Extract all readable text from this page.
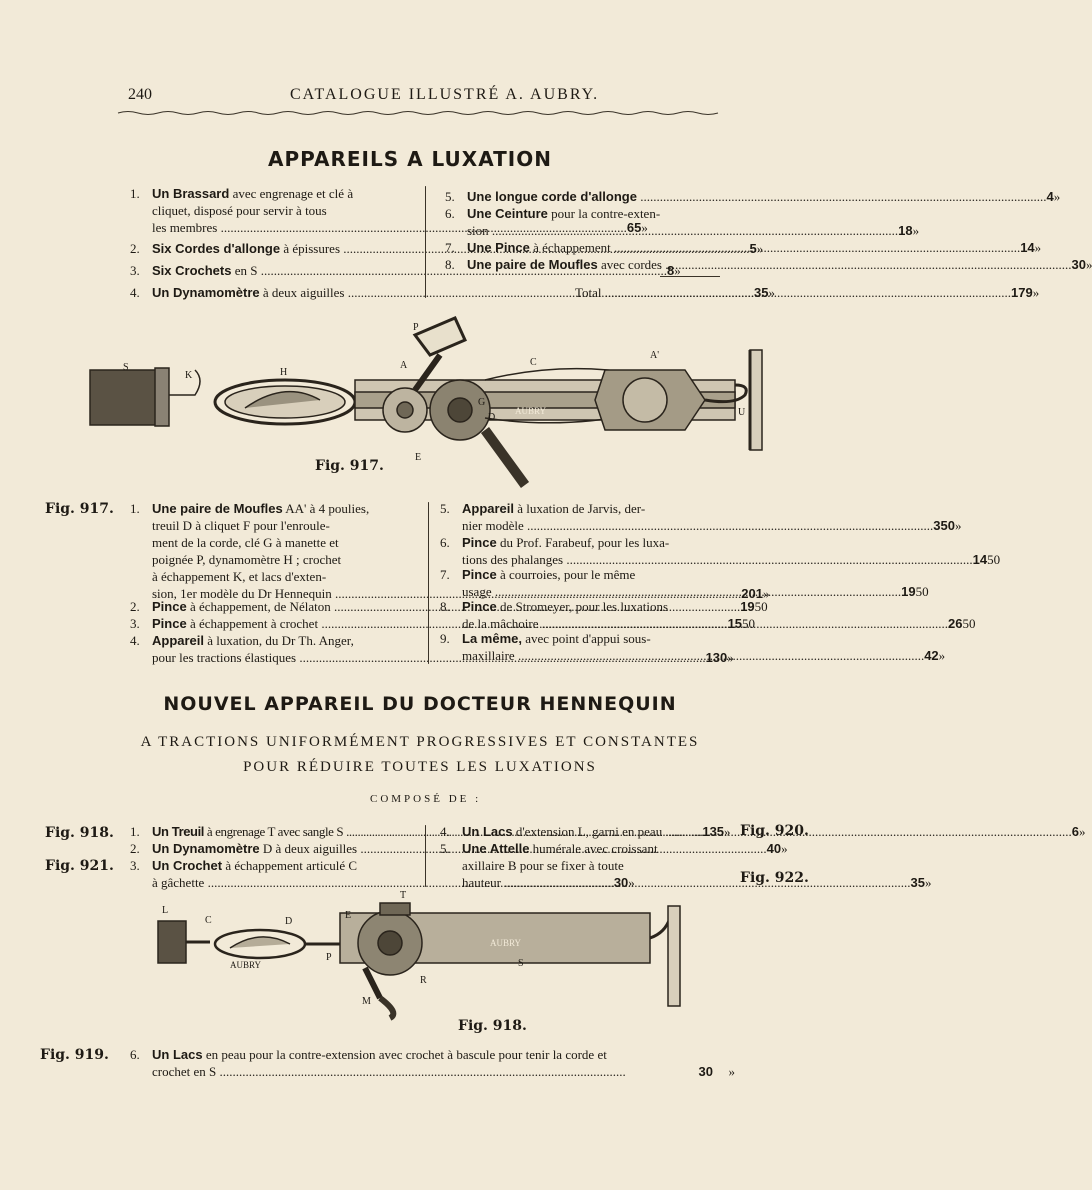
240	CATALOGUE ILLUSTRÉ A. AUBRY.
APPAREILS A LUXATION
1. Un Brassard avec engrenage et clé à
cliquet, disposé pour servir à tous
les membres .....	65 »
2. Six Cordes d'allonge à épissures .....	5 »
3. Six Crochets en S .....	8 »
4. Un Dynamomètre à deux aiguilles .....	35 »
5. Une longue corde d'allonge .....	4 »
6. Une Ceinture pour la contre-exten-
sion .....	18 »
7. Une Pince à échappement .....	14 »
8. Une paire de Moufles avec cordes .....	30 »
Total .....	179 »
P
S
K	H
A	C
A'
G
D
E
U
AUBRY
Fig. 917.
Fig. 917. 1. Une paire de Moufles AA' à 4 poulies,
treuil D à cliquet F pour l'enroule-
ment de la corde, clé G à manette et
poignée P, dynamomètre H ; crochet
à échappement K, et lacs d'exten-
sion, 1er modèle du Dr Hennequin .....	201 »
2. Pince à échappement, de Nélaton .....	19 50
3. Pince à échappement à crochet .....	15 50
4. Appareil à luxation, du Dr Th. Anger,
pour les tractions élastiques .....	130 »
5. Appareil à luxation de Jarvis, der-
nier modèle .....	350 »
6. Pince du Prof. Farabeuf, pour les luxa-
tions des phalanges .....	14 50
7. Pince à courroies, pour le même
usage .....	19 50
8. Pince de Stromeyer, pour les luxations
de la mâchoire .....	26 50
9. La même, avec point d'appui sous-
maxillaire .....	42 »
NOUVEL APPAREIL DU DOCTEUR HENNEQUIN
A TRACTIONS UNIFORMÉMENT PROGRESSIVES ET CONSTANTES
POUR RÉDUIRE TOUTES LES LUXATIONS
COMPOSÉ DE :
Fig. 918.
Fig. 921.
Fig. 920.
Fig. 922.
1. Un Treuil à engrenage T avec sangle S .....	135 »
2. Un Dynamomètre D à deux aiguilles .....	40 »
3. Un Crochet à échappement articulé C
à gâchette .....	30 »
4. Un Lacs d'extension L, garni en peau .....	6 »
5. Une Attelle humérale avec croissant
axillaire B pour se fixer à toute
hauteur .....	35 »
T
L
C	D
E
P
R
S
M
AUBRY
AUBRY
Fig. 918.
Fig. 919. 6. Un Lacs en peau pour la contre-extension avec crochet à bascule pour tenir la corde et
crochet en S .....	30	»
